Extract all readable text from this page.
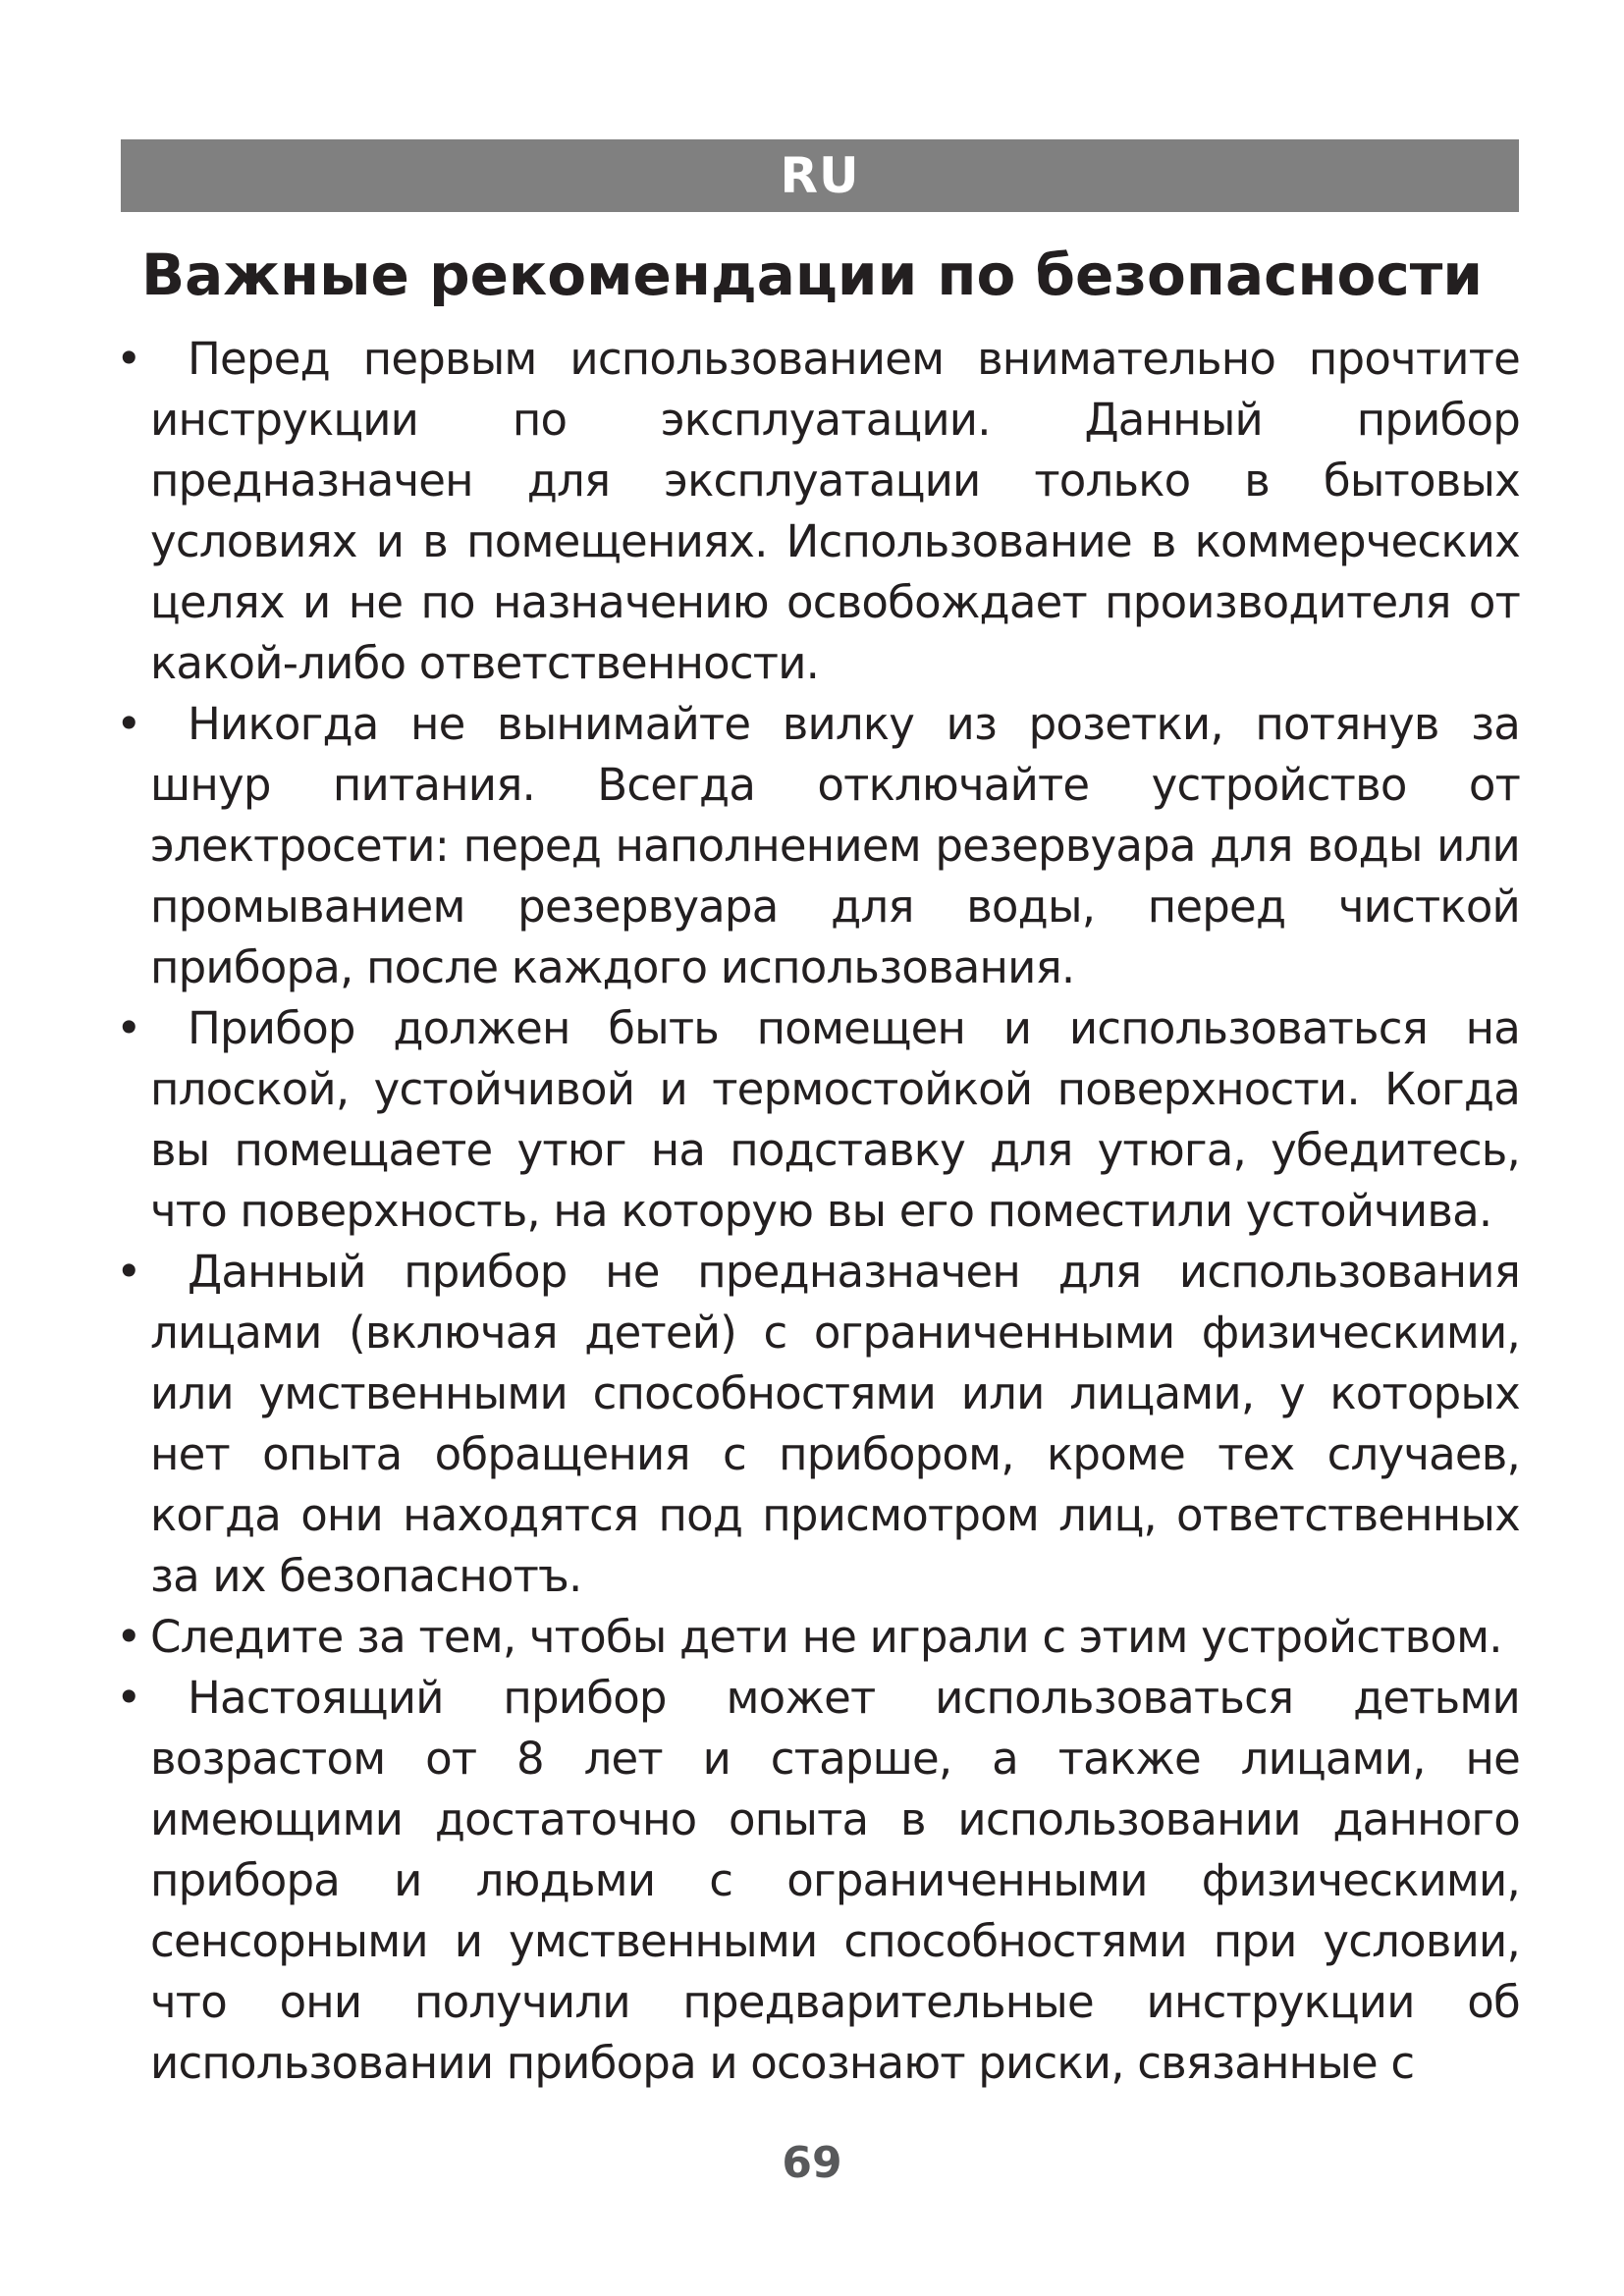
RU
Важные рекомендации по безопасности
• Перед первым использованием внимательно прочтите инструкции по эксплуатации. Данный прибор предназначен для эксплуатации только в бытовых условиях и в помещениях. Использование в коммерческих целях и не по назначению освобождает производителя от какой-либо ответственности.
• Никогда не вынимайте вилку из розетки, потянув за шнур питания. Всегда отключайте устройство от электросети: перед наполнением резервуара для воды или промыванием резервуара для воды, перед чисткой прибора, после каждого использования.
• Прибор должен быть помещен и использоваться на плоской, устойчивой и термостойкой поверхности. Когда вы помещаете утюг на подставку для утюга, убедитесь, что поверхность, на которую вы его поместили устойчива.
• Данный прибор не предназначен для использования лицами (включая детей) с ограниченными физическими, или умственными способностями или лицами, у которых нет опыта обращения с прибором, кроме тех случаев, когда они находятся под присмотром лиц, ответственных за их безопаснотъ.
• Следите за тем, чтобы дети не играли с этим устройством.
• Настоящий прибор может использоваться детьми возрастом от 8 лет и старше, а также лицами, не имеющими достаточно опыта в использовании данного прибора и людьми с ограниченными физическими, сенсорными и умственными способностями при условии, что они получили предварительные инструкции об использовании прибора и осознают риски, связанные с
69
